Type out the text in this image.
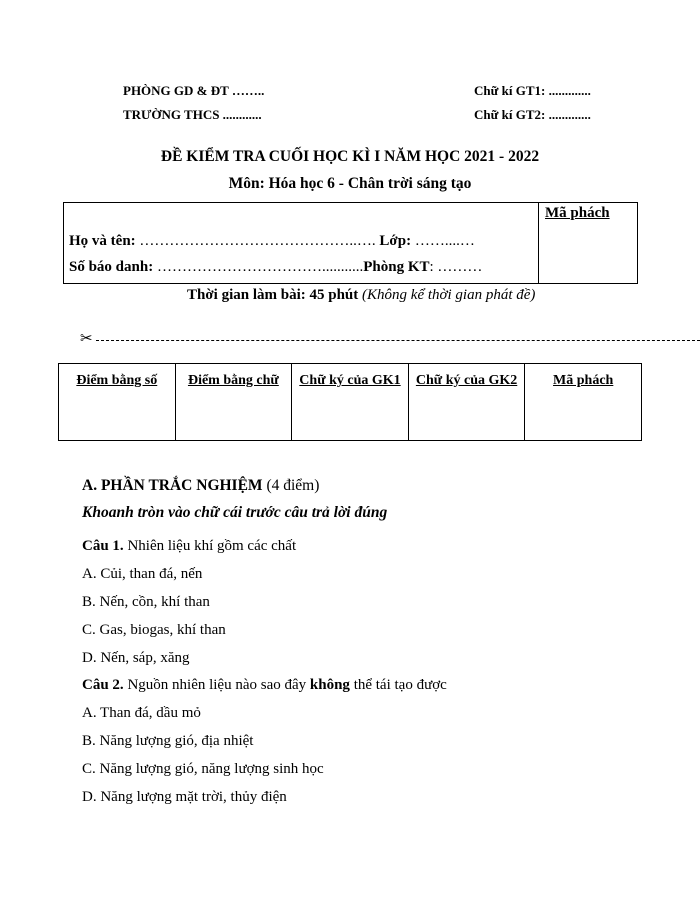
PHÒNG GD & ĐT ……..
TRƯỜNG THCS ............
Chữ kí GT1: .............
Chữ kí GT2: .............
ĐỀ KIỂM TRA CUỐI HỌC KÌ I NĂM HỌC 2021 - 2022
Môn: Hóa học 6 - Chân trời sáng tạo
Mã phách
Họ và tên: ……………………………………..…. Lớp: ……....…
Số báo danh: ……………………………...........Phòng KT: ………
Thời gian làm bài: 45 phút (Không kể thời gian phát đề)
✂
Điểm bằng số	Điểm bằng chữ	Chữ ký của GK1	Chữ ký của GK2	Mã phách
A. PHẦN TRẮC NGHIỆM (4 điểm)
Khoanh tròn vào chữ cái trước câu trả lời đúng
Câu 1. Nhiên liệu khí gồm các chất
A. Củi, than đá, nến
B. Nến, cồn, khí than
C. Gas, biogas, khí than
D. Nến, sáp, xăng
Câu 2. Nguồn nhiên liệu nào sao đây không thể tái tạo được
A. Than đá, dầu mỏ
B. Năng lượng gió, địa nhiệt
C. Năng lượng gió, năng lượng sinh học
D. Năng lượng mặt trời, thủy điện
